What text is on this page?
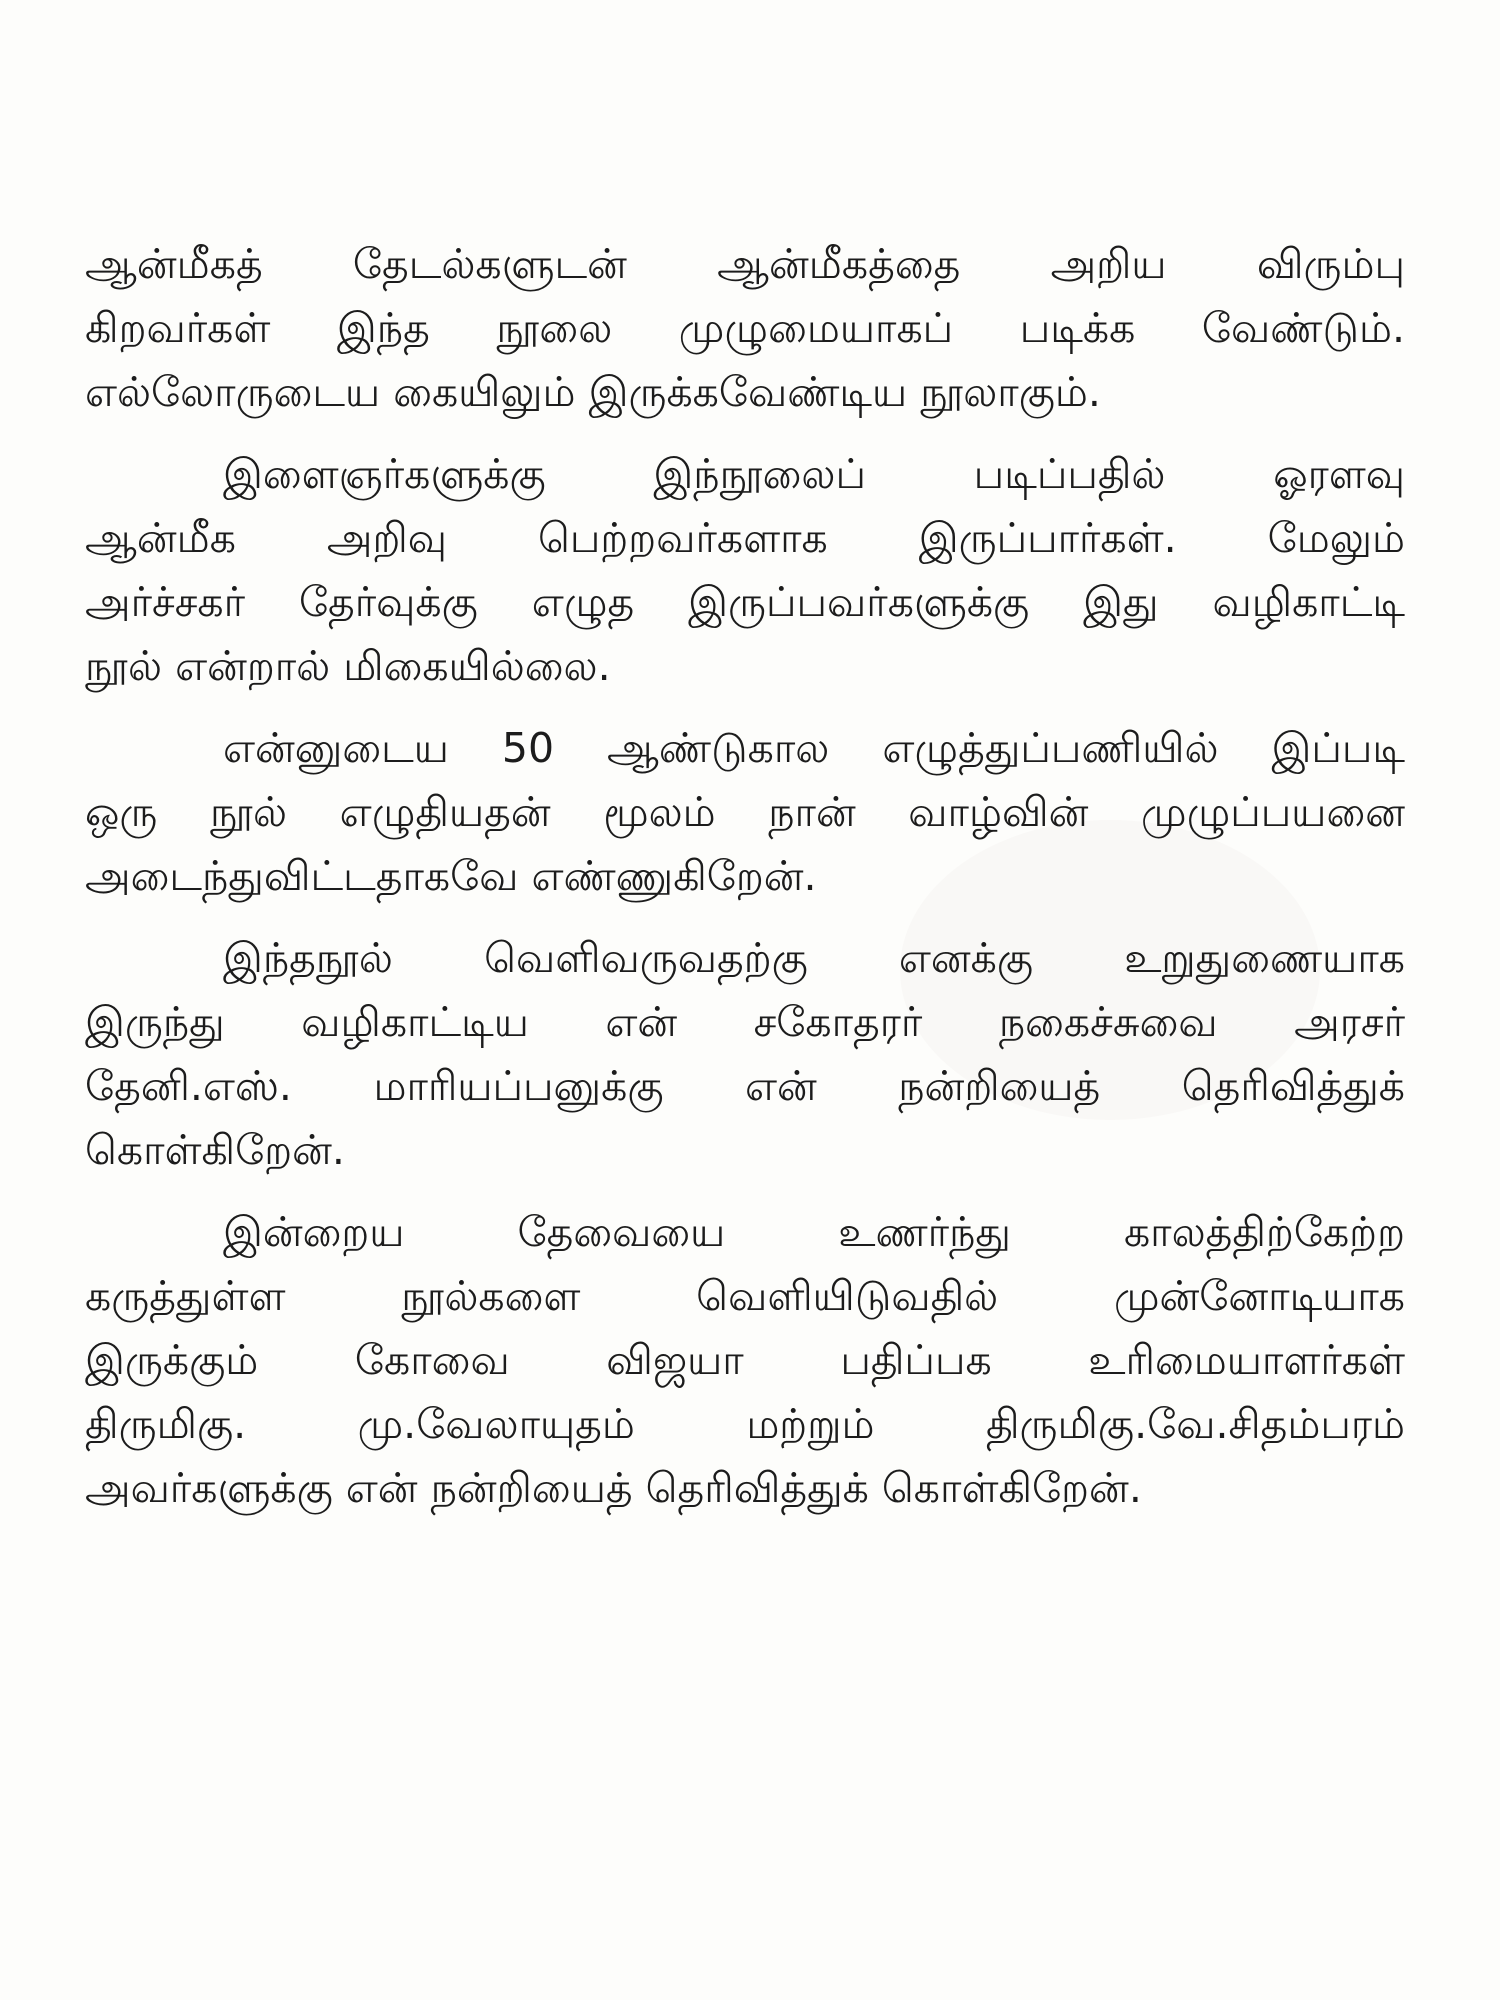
ஆன்மீகத் தேடல்களுடன் ஆன்மீகத்தை அறிய விரும்பு
கிறவர்கள் இந்த நூலை முழுமையாகப் படிக்க வேண்டும்.
எல்லோருடைய கையிலும் இருக்கவேண்டிய நூலாகும்.
இளைஞர்களுக்கு இந்நூலைப் படிப்பதில் ஓரளவு
ஆன்மீக அறிவு பெற்றவர்களாக இருப்பார்கள். மேலும்
அர்ச்சகர் தேர்வுக்கு எழுத இருப்பவர்களுக்கு இது வழிகாட்டி
நூல் என்றால் மிகையில்லை.
என்னுடைய 50 ஆண்டுகால எழுத்துப்பணியில் இப்படி
ஒரு நூல் எழுதியதன் மூலம் நான் வாழ்வின் முழுப்பயனை
அடைந்துவிட்டதாகவே எண்ணுகிறேன்.
இந்தநூல் வெளிவருவதற்கு எனக்கு உறுதுணையாக
இருந்து வழிகாட்டிய என் சகோதரர் நகைச்சுவை அரசர்
தேனி.எஸ். மாரியப்பனுக்கு என் நன்றியைத் தெரிவித்துக்
கொள்கிறேன்.
இன்றைய தேவையை உணர்ந்து காலத்திற்கேற்ற
கருத்துள்ள நூல்களை வெளியிடுவதில் முன்னோடியாக
இருக்கும் கோவை விஜயா பதிப்பக உரிமையாளர்கள்
திருமிகு. மு.வேலாயுதம் மற்றும் திருமிகு.வே.சிதம்பரம்
அவர்களுக்கு என் நன்றியைத் தெரிவித்துக் கொள்கிறேன்.
